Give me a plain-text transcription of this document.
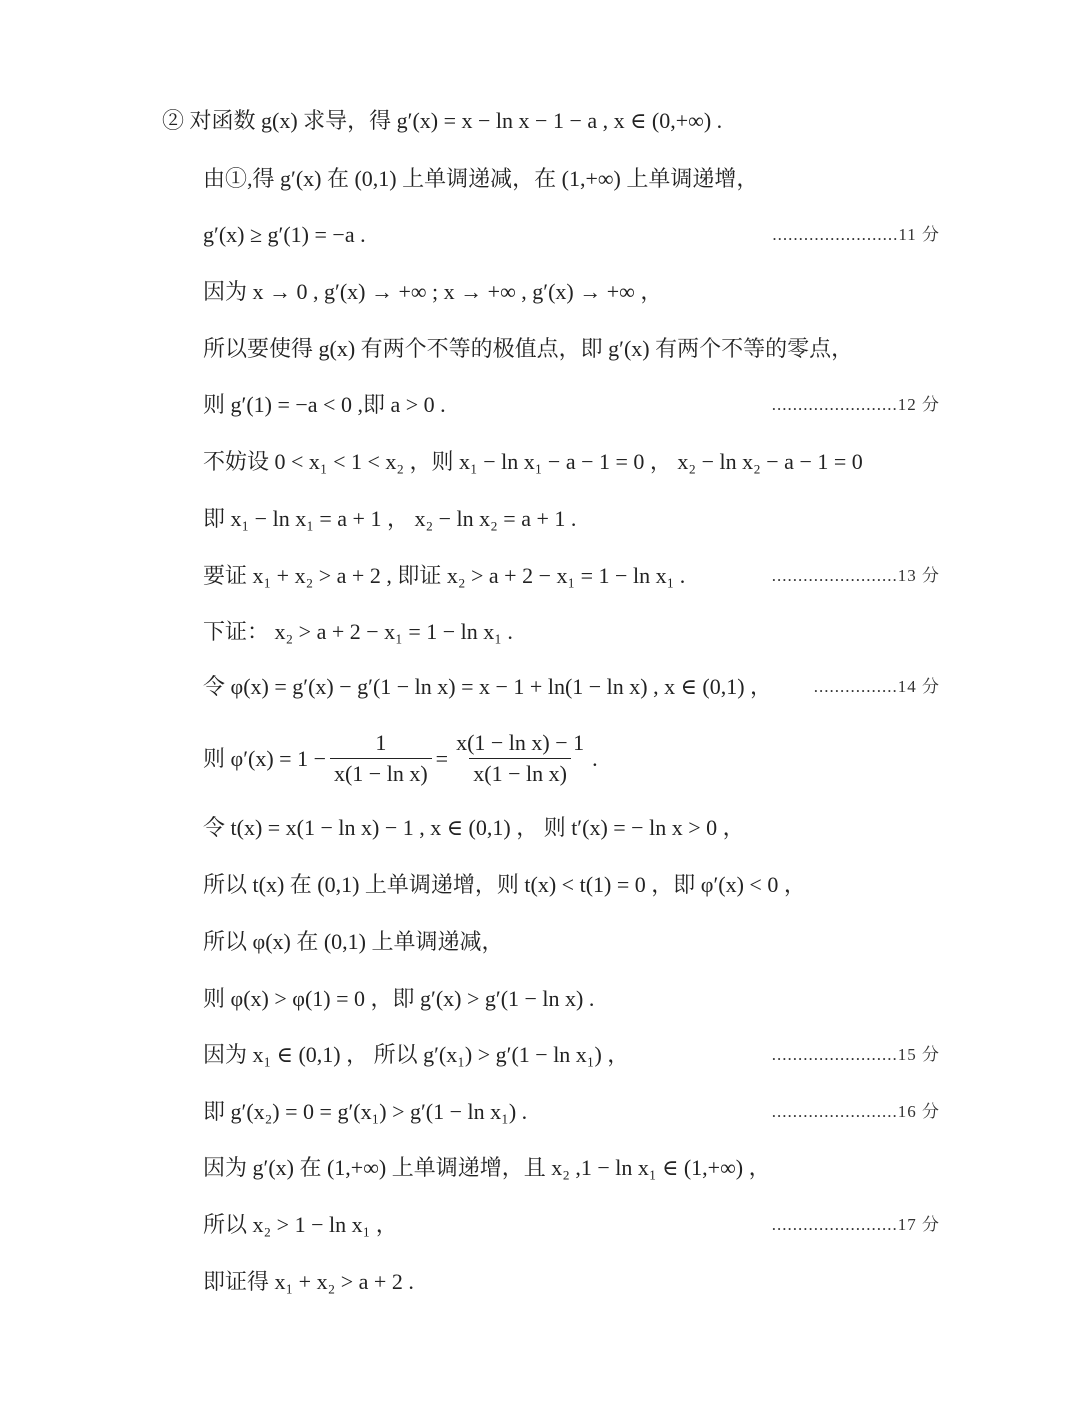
② 对函数 g(x) 求导，得 g′(x) = x − ln x − 1 − a , x ∈ (0,+∞) .
由①,得 g′(x) 在 (0,1) 上单调递减，在 (1,+∞) 上单调递增，
g′(x) ≥ g′(1) = −a .	........................11 分
因为 x → 0 , g′(x) → +∞ ; x → +∞ , g′(x) → +∞ ，
所以要使得 g(x) 有两个不等的极值点，即 g′(x) 有两个不等的零点，
则 g′(1) = −a < 0 ,即 a > 0 .	........................12 分
不妨设 0 < x₁ < 1 < x₂ ，则 x₁ − ln x₁ − a − 1 = 0 ， x₂ − ln x₂ − a − 1 = 0
即 x₁ − ln x₁ = a + 1 ， x₂ − ln x₂ = a + 1 .
要证 x₁ + x₂ > a + 2 , 即证 x₂ > a + 2 − x₁ = 1 − ln x₁ .	........................13 分
下证： x₂ > a + 2 − x₁ = 1 − ln x₁ .
令 φ(x) = g′(x) − g′(1 − ln x) = x − 1 + ln(1 − ln x) , x ∈ (0,1) ， ................14 分
则 $\varphi'(x) = 1 - \frac{1}{\text{x(1 − ln x)}} = \frac{\text{x(1 − ln x) − 1}}{\text{x(1 − ln x)}}$ .
令 t(x) = x(1 − ln x) − 1 , x ∈ (0,1) ， 则 t′(x) = − ln x > 0 ，
所以 t(x) 在 (0,1) 上单调递增，则 t(x) < t(1) = 0 ，即 φ′(x) < 0 ，
所以 φ(x) 在 (0,1) 上单调递减，
则 φ(x) > φ(1) = 0 ，即 g′(x) > g′(1 − ln x) .
因为 x₁ ∈ (0,1) ， 所以 g′(x₁) > g′(1 − ln x₁) ，	........................15 分
即 g′(x₂) = 0 = g′(x₁) > g′(1 − ln x₁) .	........................16 分
因为 g′(x) 在 (1,+∞) 上单调递增，且 x₂ ,1 − ln x₁ ∈ (1,+∞) ，
所以 x₂ > 1 − ln x₁ ，	........................17 分
即证得 x₁ + x₂ > a + 2 .
